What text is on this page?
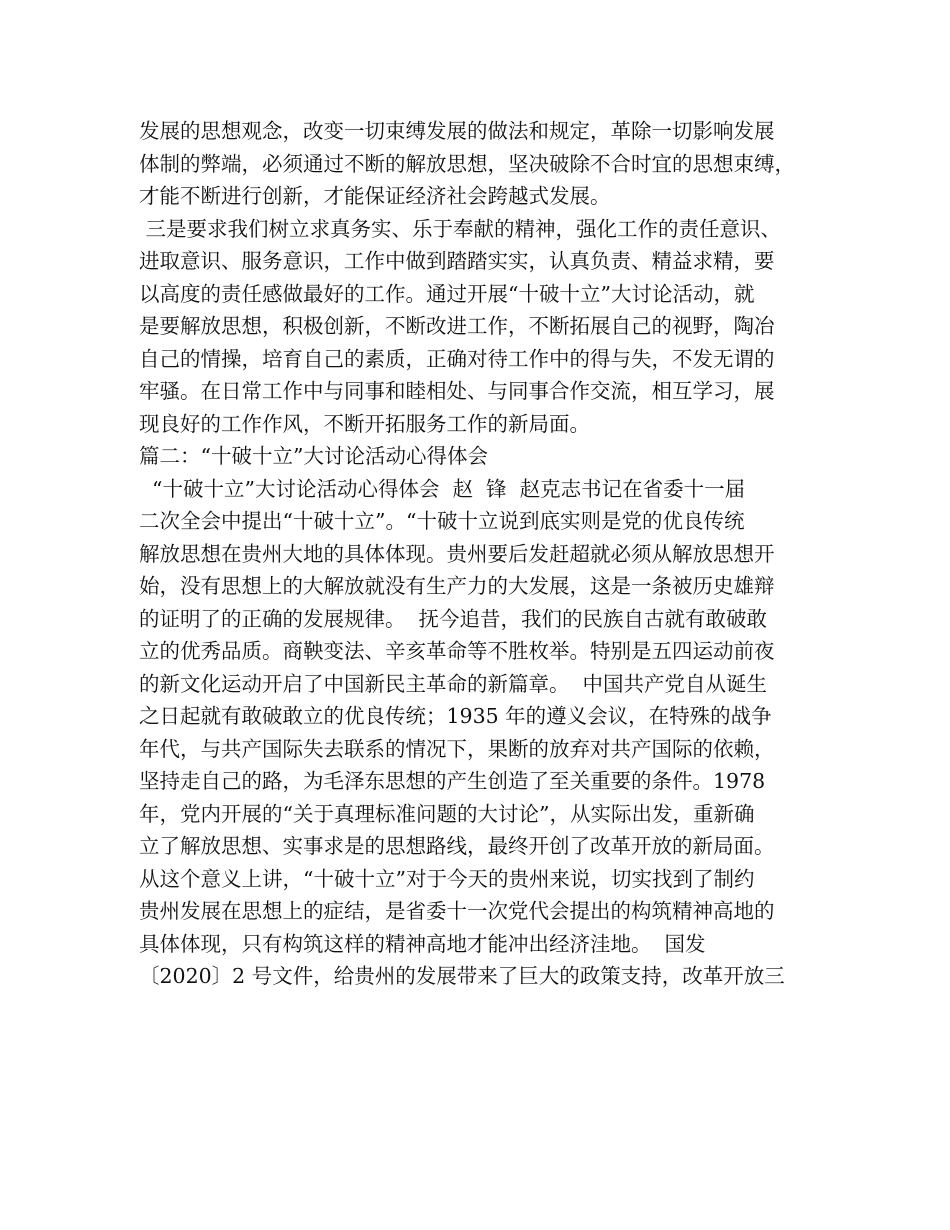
发展的思想观念，改变一切束缚发展的做法和规定，革除一切影响发展
体制的弊端，必须通过不断的解放思想，坚决破除不合时宜的思想束缚，
才能不断进行创新，才能保证经济社会跨越式发展。
三是要求我们树立求真务实、乐于奉献的精神，强化工作的责任意识、
进取意识、服务意识，工作中做到踏踏实实，认真负责、精益求精，要
以高度的责任感做最好的工作。通过开展“十破十立”大讨论活动，就
是要解放思想，积极创新，不断改进工作，不断拓展自己的视野，陶冶
自己的情操，培育自己的素质，正确对待工作中的得与失，不发无谓的
牢骚。在日常工作中与同事和睦相处、与同事合作交流，相互学习，展
现良好的工作作风，不断开拓服务工作的新局面。
篇二：“十破十立”大讨论活动心得体会
“十破十立”大讨论活动心得体会  赵  锋  赵克志书记在省委十一届
二次全会中提出“十破十立”。“十破十立说到底实则是党的优良传统
解放思想在贵州大地的具体体现。贵州要后发赶超就必须从解放思想开
始，没有思想上的大解放就没有生产力的大发展，这是一条被历史雄辩
的证明了的正确的发展规律。  抚今追昔，我们的民族自古就有敢破敢
立的优秀品质。商鞅变法、辛亥革命等不胜枚举。特别是五四运动前夜
的新文化运动开启了中国新民主革命的新篇章。  中国共产党自从诞生
之日起就有敢破敢立的优良传统；1935 年的遵义会议，在特殊的战争
年代，与共产国际失去联系的情况下，果断的放弃对共产国际的依赖，
坚持走自己的路，为毛泽东思想的产生创造了至关重要的条件。1978
年，党内开展的“关于真理标准问题的大讨论”，从实际出发，重新确
立了解放思想、实事求是的思想路线，最终开创了改革开放的新局面。
从这个意义上讲，“十破十立”对于今天的贵州来说，切实找到了制约
贵州发展在思想上的症结，是省委十一次党代会提出的构筑精神高地的
具体体现，只有构筑这样的精神高地才能冲出经济洼地。  国发
〔2020〕2 号文件，给贵州的发展带来了巨大的政策支持，改革开放三
